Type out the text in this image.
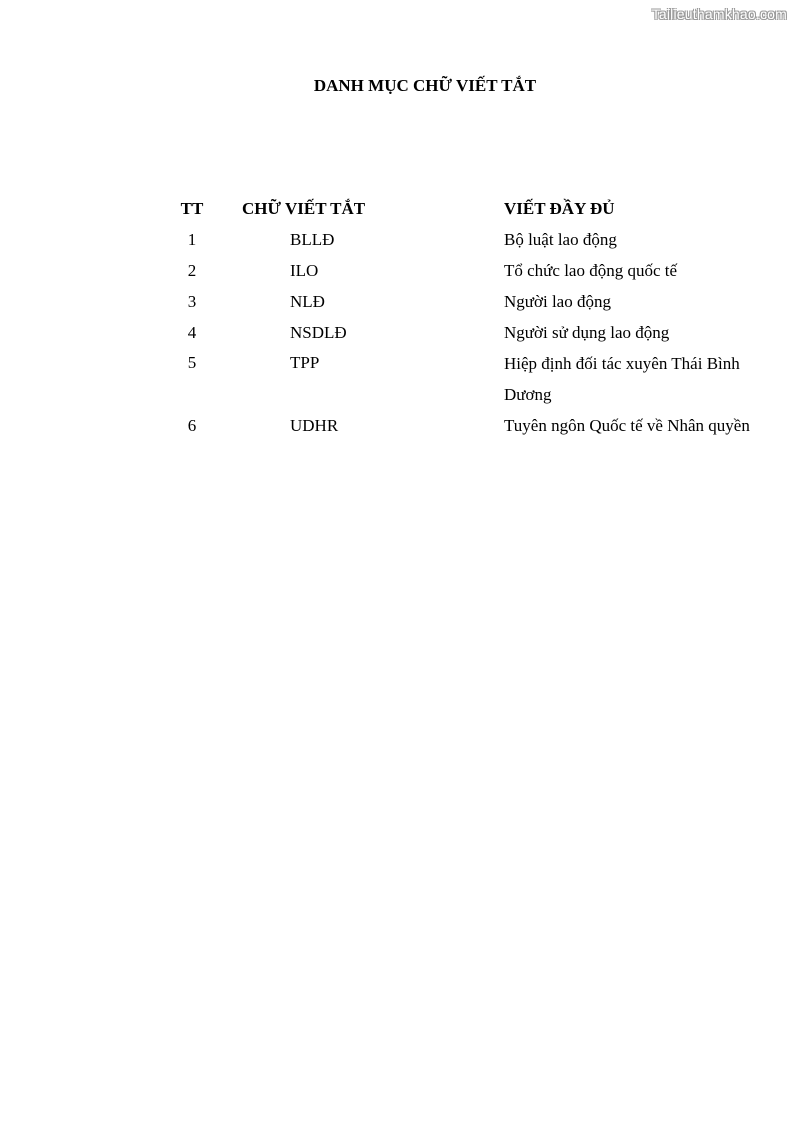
Tailieuthamkhao.com
DANH MỤC CHỮ VIẾT TẮT
TT	CHỮ VIẾT TẮT	VIẾT ĐẦY ĐỦ
1	BLLĐ	Bộ luật lao động
2	ILO	Tổ chức lao động quốc tế
3	NLĐ	Người lao động
4	NSDLĐ	Người sử dụng lao động
5	TPP	Hiệp định đối tác xuyên Thái Bình Dương
6	UDHR	Tuyên ngôn Quốc tế về Nhân quyền
